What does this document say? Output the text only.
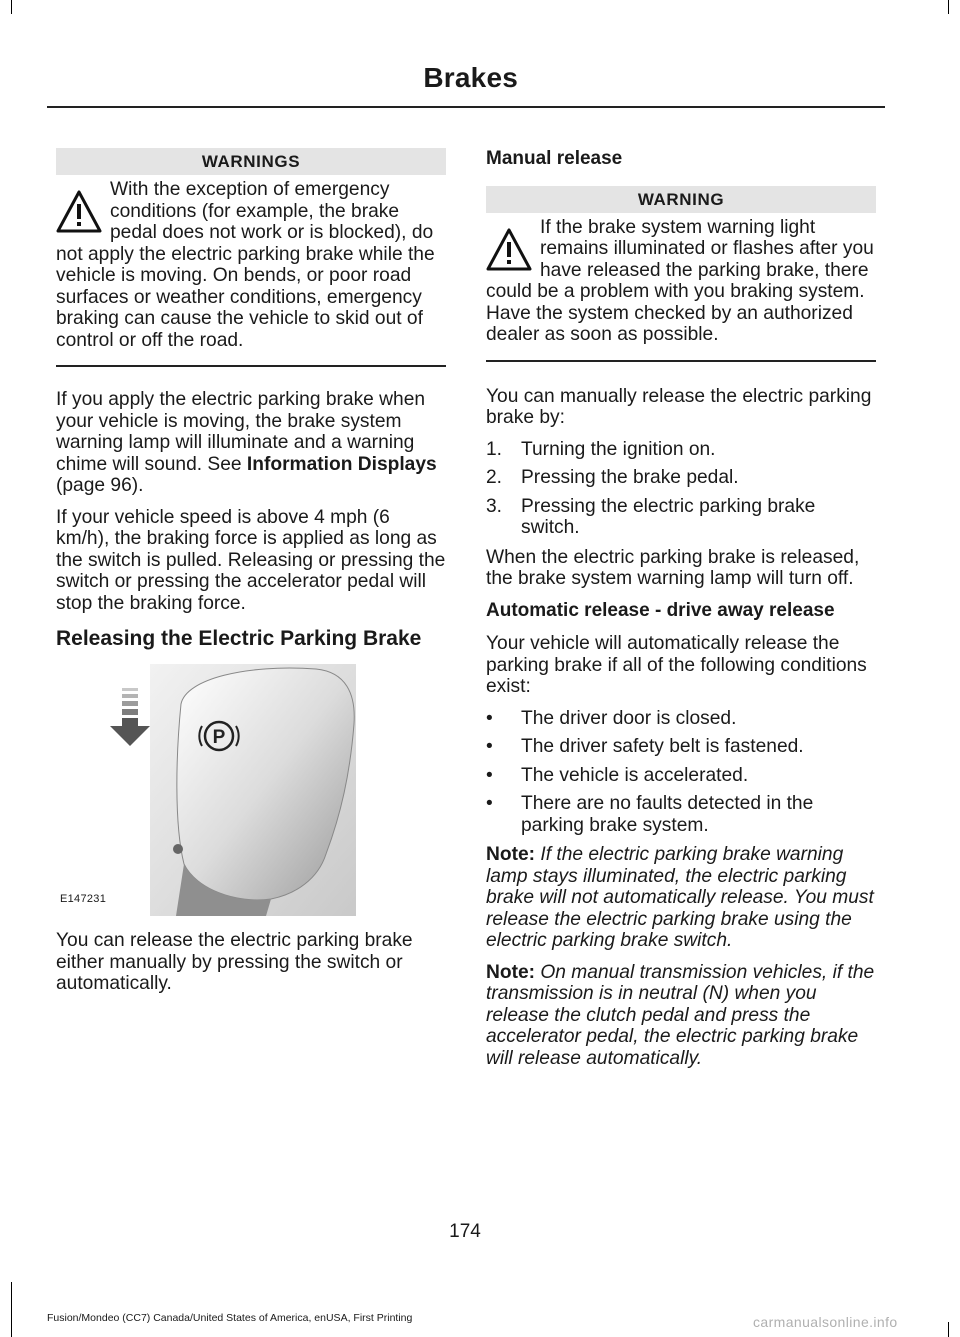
Brakes
WARNINGS

With the exception of emergency conditions (for example, the brake pedal does not work or is blocked), do not apply the electric parking brake while the vehicle is moving. On bends, or poor road surfaces or weather conditions, emergency braking can cause the vehicle to skid out of control or off the road.

If you apply the electric parking brake when your vehicle is moving, the brake system warning lamp will illuminate and a warning chime will sound. See Information Displays (page 96).

If your vehicle speed is above 4 mph (6 km/h), the braking force is applied as long as the switch is pulled. Releasing or pressing the switch or pressing the accelerator pedal will stop the braking force.

Releasing the Electric Parking Brake
P
E147231

You can release the electric parking brake either manually by pressing the switch or automatically.

Manual release
WARNING

If the brake system warning light remains illuminated or flashes after you have released the parking brake, there could be a problem with you braking system. Have the system checked by an authorized dealer as soon as possible.

You can manually release the electric parking brake by:

1. Turning the ignition on.
2. Pressing the brake pedal.
3. Pressing the electric parking brake switch.

When the electric parking brake is released, the brake system warning lamp will turn off.

Automatic release - drive away release

Your vehicle will automatically release the parking brake if all of the following conditions exist:

• The driver door is closed.
• The driver safety belt is fastened.
• The vehicle is accelerated.
• There are no faults detected in the parking brake system.

Note: If the electric parking brake warning lamp stays illuminated, the electric parking brake will not automatically release. You must release the electric parking brake using the electric parking brake switch.

Note: On manual transmission vehicles, if the transmission is in neutral (N) when you release the clutch pedal and press the accelerator pedal, the electric parking brake will release automatically.

174
Fusion/Mondeo (CC7) Canada/United States of America, enUSA, First Printing	carmanualsonline.info
